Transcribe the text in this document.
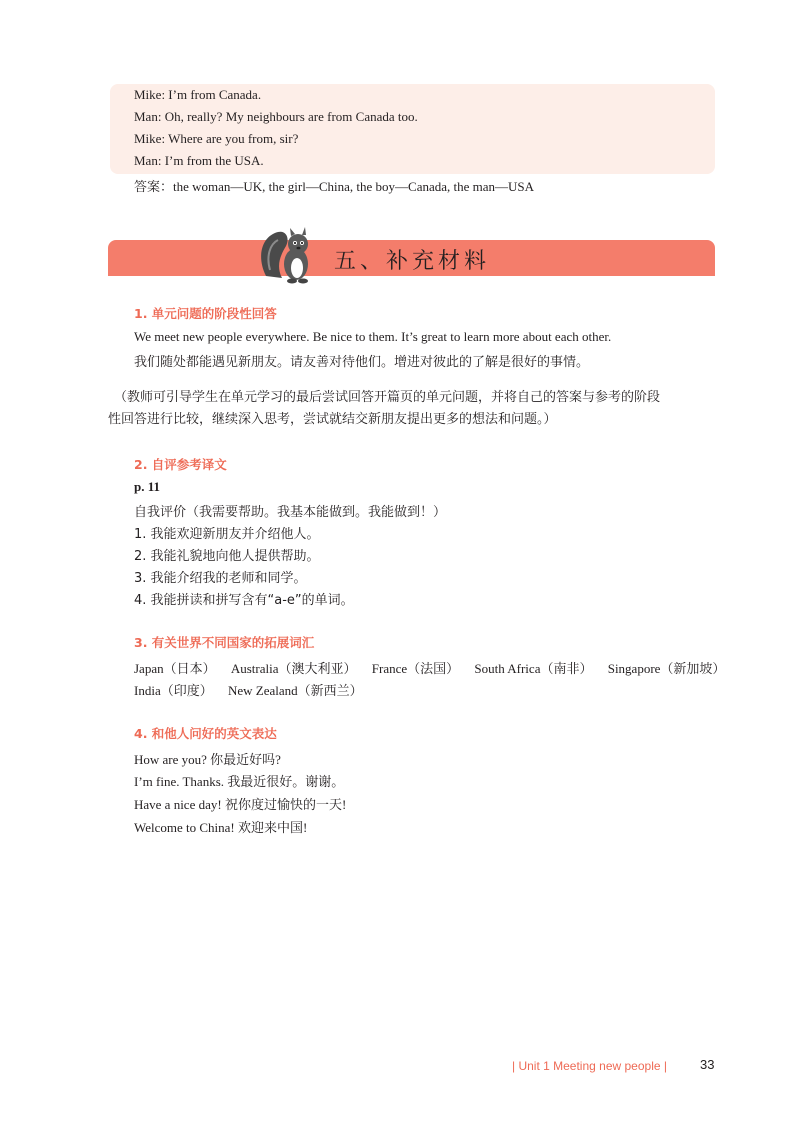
Mike: I’m from Canada.
Man: Oh, really? My neighbours are from Canada too.
Mike: Where are you from, sir?
Man: I’m from the USA.
答案：the woman—UK, the girl—China, the boy—Canada, the man—USA
五、补充材料
1. 单元问题的阶段性回答
We meet new people everywhere. Be nice to them. It’s great to learn more about each other.
我们随处都能遇见新朋友。请友善对待他们。增进对彼此的了解是很好的事情。
（教师可引导学生在单元学习的最后尝试回答开篇页的单元问题，并将自己的答案与参考的阶段
性回答进行比较，继续深入思考，尝试就结交新朋友提出更多的想法和问题。）
2. 自评参考译文
p. 11
自我评价（我需要帮助。我基本能做到。我能做到！）
1. 我能欢迎新朋友并介绍他人。
2. 我能礼貌地向他人提供帮助。
3. 我能介绍我的老师和同学。
4. 我能拼读和拼写含有“a-e”的单词。
3. 有关世界不同国家的拓展词汇
Japan（日本） Australia（澳大利亚） France（法国） South Africa（南非） Singapore（新加坡）
India（印度） New Zealand（新西兰）
4. 和他人问好的英文表达
How are you? 你最近好吗?
I’m fine. Thanks. 我最近很好。谢谢。
Have a nice day! 祝你度过愉快的一天!
Welcome to China! 欢迎来中国!
| Unit 1 Meeting new people |	33
